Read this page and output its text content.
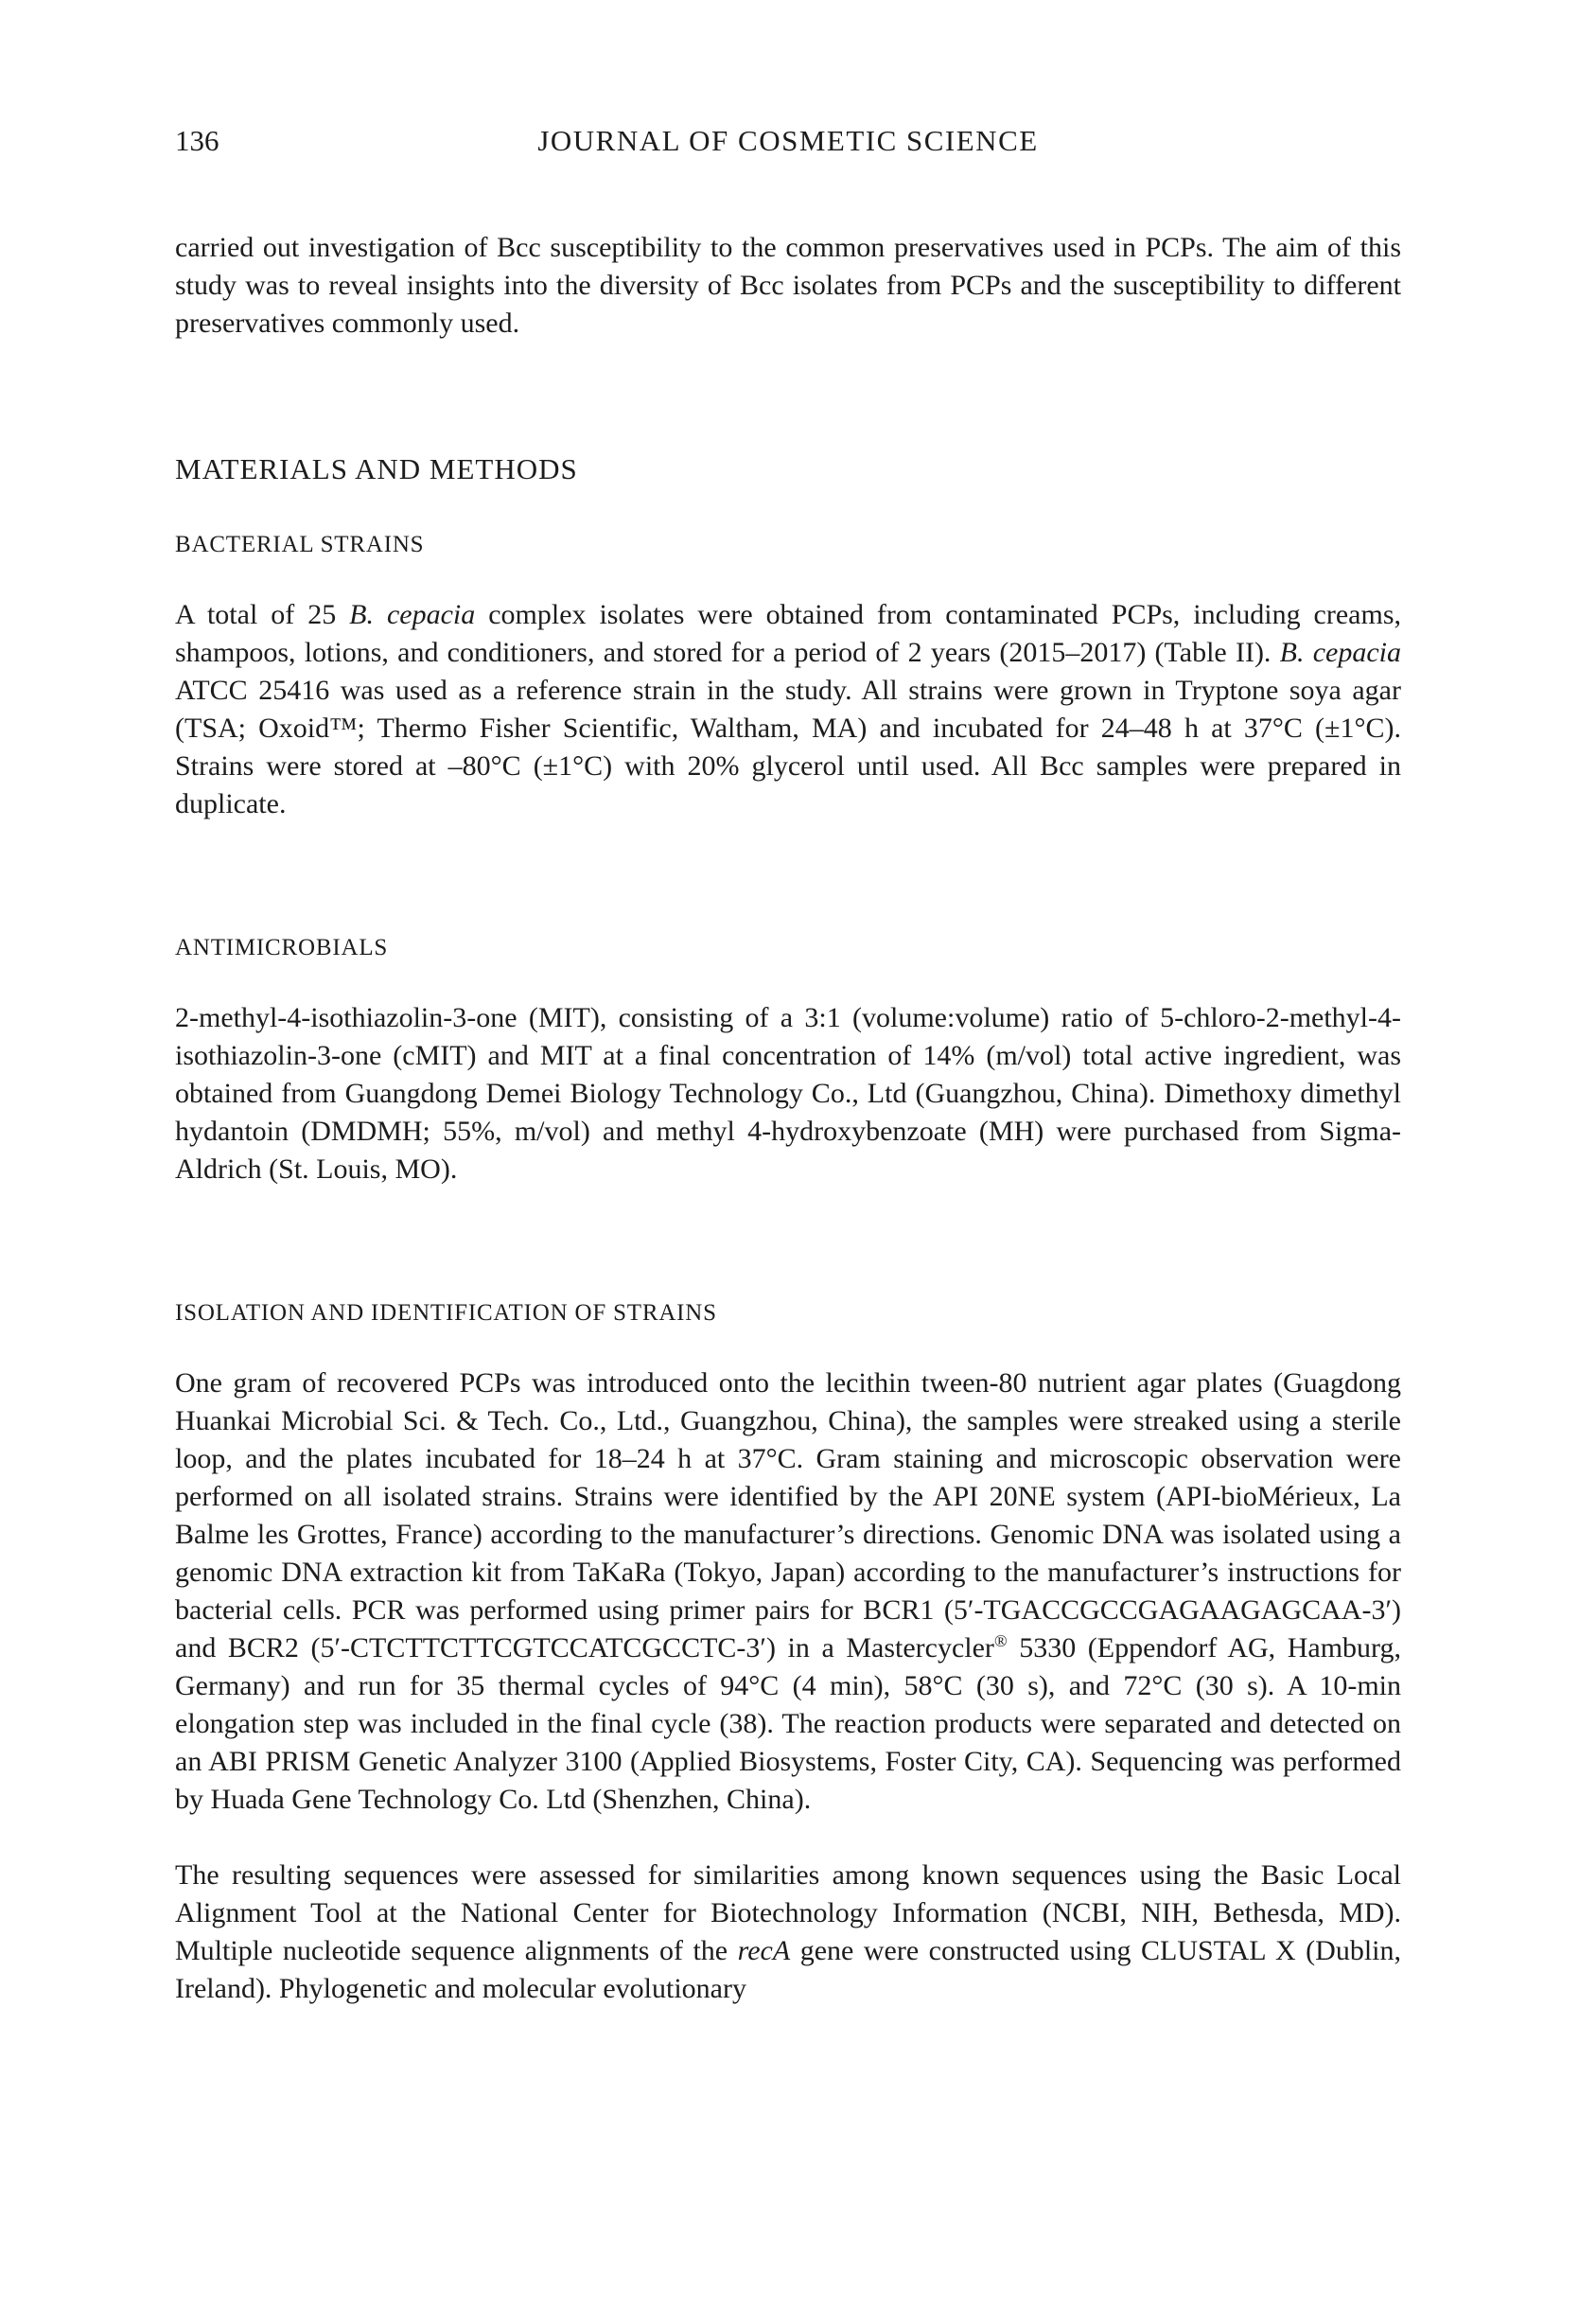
136	JOURNAL OF COSMETIC SCIENCE

carried out investigation of Bcc susceptibility to the common preservatives used in PCPs. The aim of this study was to reveal insights into the diversity of Bcc isolates from PCPs and the susceptibility to different preservatives commonly used.

MATERIALS AND METHODS
BACTERIAL STRAINS

A total of 25 B. cepacia complex isolates were obtained from contaminated PCPs, including creams, shampoos, lotions, and conditioners, and stored for a period of 2 years (2015–2017) (Table II). B. cepacia ATCC 25416 was used as a reference strain in the study. All strains were grown in Tryptone soya agar (TSA; Oxoid™; Thermo Fisher Scientific, Waltham, MA) and incubated for 24–48 h at 37°C (±1°C). Strains were stored at –80°C (±1°C) with 20% glycerol until used. All Bcc samples were prepared in duplicate.

ANTIMICROBIALS

2-methyl-4-isothiazolin-3-one (MIT), consisting of a 3:1 (volume:volume) ratio of 5-chloro-2-methyl-4-isothiazolin-3-one (cMIT) and MIT at a final concentration of 14% (m/vol) total active ingredient, was obtained from Guangdong Demei Biology Technology Co., Ltd (Guangzhou, China). Dimethoxy dimethyl hydantoin (DMDMH; 55%, m/vol) and methyl 4-hydroxybenzoate (MH) were purchased from Sigma-Aldrich (St. Louis, MO).

ISOLATION AND IDENTIFICATION OF STRAINS

One gram of recovered PCPs was introduced onto the lecithin tween-80 nutrient agar plates (Guagdong Huankai Microbial Sci. & Tech. Co., Ltd., Guangzhou, China), the samples were streaked using a sterile loop, and the plates incubated for 18–24 h at 37°C. Gram staining and microscopic observation were performed on all isolated strains. Strains were identified by the API 20NE system (API-bioMérieux, La Balme les Grottes, France) according to the manufacturer’s directions. Genomic DNA was isolated using a genomic DNA extraction kit from TaKaRa (Tokyo, Japan) according to the manufacturer’s instructions for bacterial cells. PCR was performed using primer pairs for BCR1 (5′-TGACCGCCGAGAAGAGCAA-3′) and BCR2 (5′-CTCTTCTTCGTCCATCGCCTC-3′) in a Mastercycler® 5330 (Eppendorf AG, Hamburg, Germany) and run for 35 thermal cycles of 94°C (4 min), 58°C (30 s), and 72°C (30 s). A 10-min elongation step was included in the final cycle (38). The reaction products were separated and detected on an ABI PRISM Genetic Analyzer 3100 (Applied Biosystems, Foster City, CA). Sequencing was performed by Huada Gene Technology Co. Ltd (Shenzhen, China).

The resulting sequences were assessed for similarities among known sequences using the Basic Local Alignment Tool at the National Center for Biotechnology Information (NCBI, NIH, Bethesda, MD). Multiple nucleotide sequence alignments of the recA gene were constructed using CLUSTAL X (Dublin, Ireland). Phylogenetic and molecular evolutionary
